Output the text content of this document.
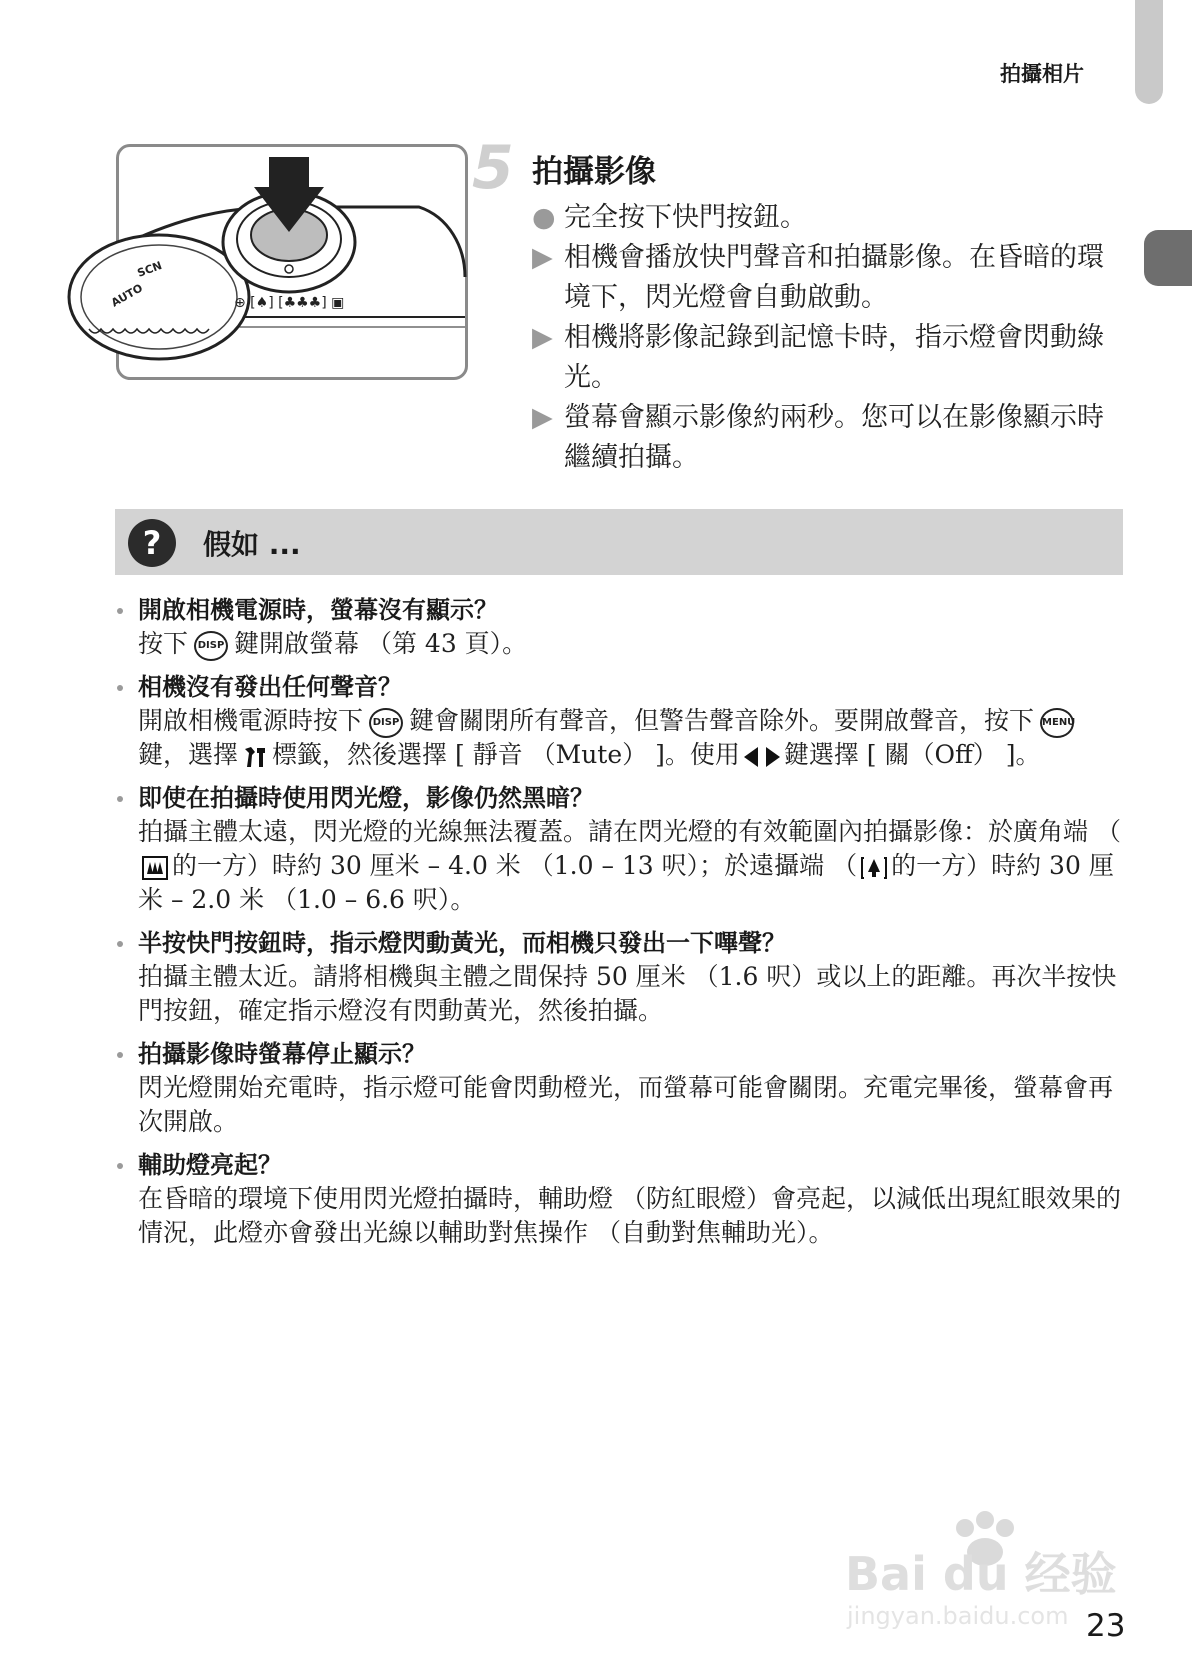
拍攝相片
SCN
AUTO	⊕ [♠] [♣♣♣] ▣
5 拍攝影像
● 完全按下快門按鈕。
▶ 相機會播放快門聲音和拍攝影像。在昏暗的環境下，閃光燈會自動啟動。
▶ 相機將影像記錄到記憶卡時，指示燈會閃動綠光。
▶ 螢幕會顯示影像約兩秒。您可以在影像顯示時繼續拍攝。
? 假如 ...
開啟相機電源時，螢幕沒有顯示？
按下 DISP 鍵開啟螢幕 （第 43 頁）。
相機沒有發出任何聲音？
開啟相機電源時按下 DISP 鍵會關閉所有聲音，但警告聲音除外。要開啟聲音，按下 MENU鍵，選擇 標籤，然後選擇 [ 靜音 （Mute） ]。使用 鍵選擇 [ 關（Off） ]。
即使在拍攝時使用閃光燈，影像仍然黑暗？
拍攝主體太遠，閃光燈的光線無法覆蓋。請在閃光燈的有效範圍內拍攝影像：於廣角端 （的一方）時約 30 厘米 – 4.0 米 （1.0 – 13 呎）；於遠攝端 （ 的一方）時約 30 厘米 – 2.0 米 （1.0 – 6.6 呎）。
半按快門按鈕時，指示燈閃動黃光，而相機只發出一下嗶聲？
拍攝主體太近。請將相機與主體之間保持 50 厘米 （1.6 呎）或以上的距離。再次半按快門按鈕，確定指示燈沒有閃動黃光，然後拍攝。
拍攝影像時螢幕停止顯示？
閃光燈開始充電時，指示燈可能會閃動橙光，而螢幕可能會關閉。充電完畢後，螢幕會再次開啟。
輔助燈亮起？
在昏暗的環境下使用閃光燈拍攝時，輔助燈 （防紅眼燈）會亮起，以減低出現紅眼效果的情況，此燈亦會發出光線以輔助對焦操作 （自動對焦輔助光）。
Bai du 经验
jingyan.baidu.com 23
